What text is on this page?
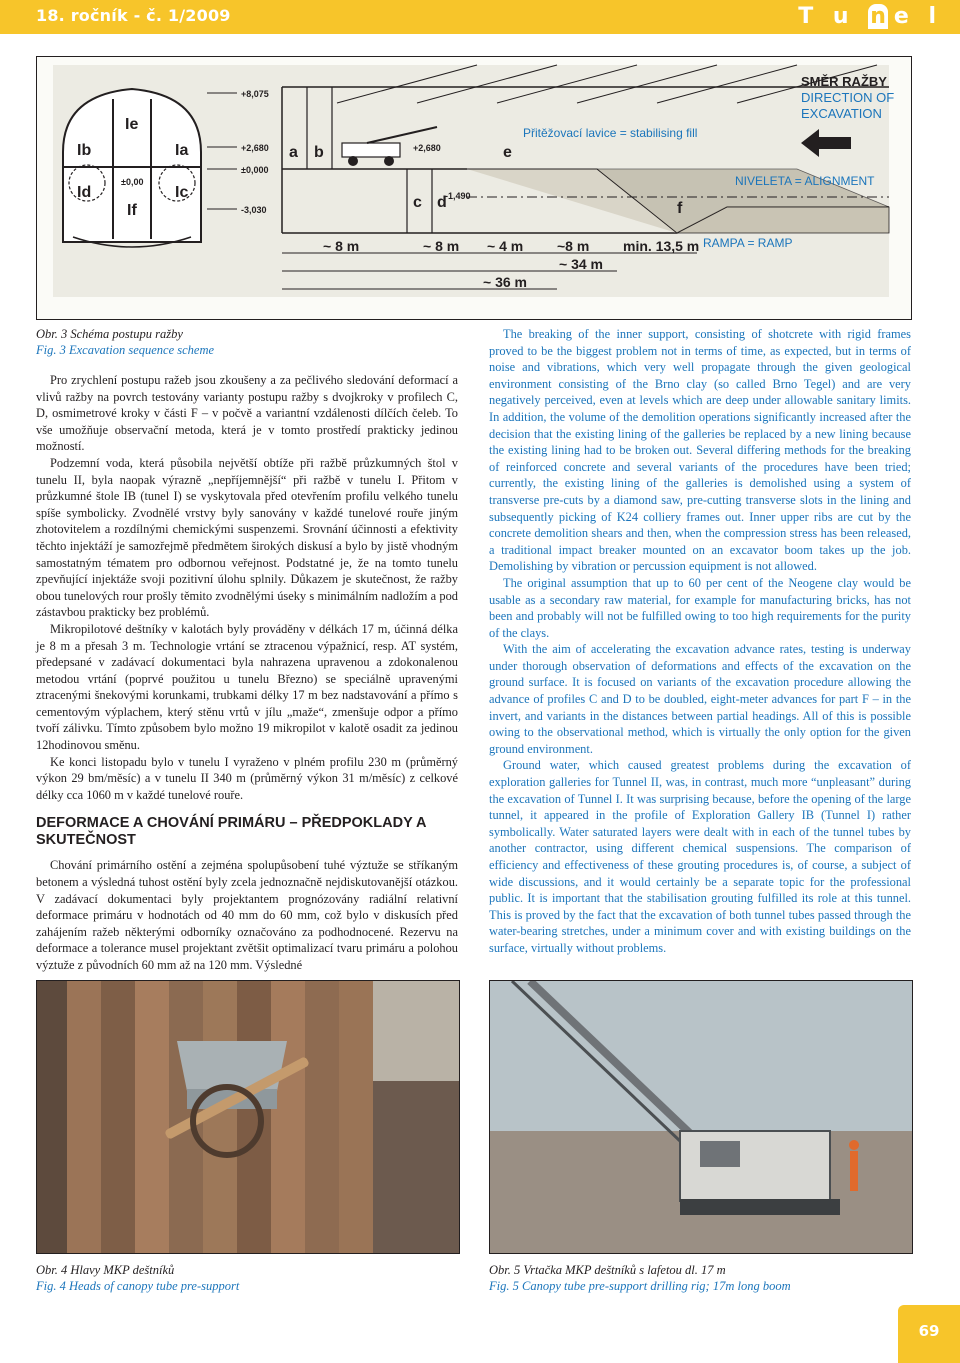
18. ročník - č. 1/2009	T u n e l
SMĚR RAŽBY
DIRECTION OF
EXCAVATION
Přitěžovací lavice = stabilising fill
NIVELETA = ALIGNMENT
RAMPA = RAMP
+8,075
+2,680
±0,000
-3,030
+2,680
-1,490
±0,00
Ib	Ia
Ie
Id	Ic
If
a b	e
c d	f
~ 8 m	~ 8 m ~ 4 m ~8 m min. 13,5 m
~ 34 m
~ 36 m
Obr. 3 Schéma postupu ražby
Fig. 3 Excavation sequence scheme

Pro zrychlení postupu ražeb jsou zkoušeny a za pečlivého sledování deformací a vlivů ražby na povrch testovány varianty postupu ražby s dvojkroky v profilech C, D, osmimetrové kroky v části F – v počvě a variantní vzdálenosti dílčích čeleb. To vše umožňuje observační metoda, která je v tomto prostředí prakticky jedinou možností.

Podzemní voda, která působila největší obtíže při ražbě průzkumných štol v tunelu II, byla naopak výrazně „nepříjemnější“ při ražbě v tunelu I. Přitom v průzkumné štole IB (tunel I) se vyskytovala před otevřením profilu velkého tunelu spíše symbolicky. Zvodnělé vrstvy byly sanovány v každé tunelové rouře jiným zhotovitelem a rozdílnými chemickými suspenzemi. Srovnání účinnosti a efektivity těchto injektáží je samozřejmě předmětem širokých diskusí a bylo by jistě vhodným samostatným tématem pro odbornou veřejnost. Podstatné je, že na tomto tunelu zpevňující injektáže svoji pozitivní úlohu splnily. Důkazem je skutečnost, že ražby obou tunelových rour prošly těmito zvodnělými úseky s minimálním nadložím a pod zástavbou prakticky bez problémů.

Mikropilotové deštníky v kalotách byly prováděny v délkách 17 m, účinná délka je 8 m a přesah 3 m. Technologie vrtání se ztracenou výpažnicí, resp. AT systém, předepsané v zadávací dokumentaci byla nahrazena upravenou a zdokonalenou metodou vrtání (poprvé použitou u tunelu Březno) se speciálně upravenými ztracenými šnekovými korunkami, trubkami délky 17 m bez nadstavování a přímo s cementovým výplachem, který stěnu vrtů v jílu „maže“, zmenšuje odpor a přímo tvoří zálivku. Tímto způsobem bylo možno 19 mikropilot v kalotě osadit za jedinou 12hodinovou směnu.

Ke konci listopadu bylo v tunelu I vyraženo v plném profilu 230 m (průměrný výkon 29 bm/měsíc) a v tunelu II 340 m (průměrný výkon 31 m/měsíc) z celkové délky cca 1060 m v každé tunelové rouře.

DEFORMACE A CHOVÁNÍ PRIMÁRU – PŘEDPOKLADY A SKUTEČNOST

Chování primárního ostění a zejména spolupůsobení tuhé výztuže se stříkaným betonem a výsledná tuhost ostění byly zcela jednoznačně nejdiskutovanější otázkou. V zadávací dokumentaci byly projektantem prognózovány radiální relativní deformace primáru v hodnotách od 40 mm do 60 mm, což bylo v diskusích před zahájením ražeb některými odborníky označováno za podhodnocené. Rezervu na deformace a tolerance musel projektant zvětšit optimalizací tvaru primáru a polohou výztuže z původních 60 mm až na 120 mm. Výsledné

The breaking of the inner support, consisting of shotcrete with rigid frames proved to be the biggest problem not in terms of time, as expected, but in terms of noise and vibrations, which very well propagate through the given geological environment consisting of the Brno clay (so called Brno Tegel) and are very negatively perceived, even at levels which are deep under allowable sanitary limits. In addition, the volume of the demolition operations significantly increased after the decision that the existing lining of the galleries be replaced by a new lining because the existing lining had to be broken out. Several differing methods for the breaking of reinforced concrete and several variants of the procedures have been tried; currently, the existing lining of the galleries is demolished using a system of transverse pre-cuts by a diamond saw, pre-cutting transverse slots in the lining and subsequently picking of K24 colliery frames out. Inner upper ribs are cut by the concrete demolition shears and then, when the compression stress has been released, a traditional impact breaker mounted on an excavator boom takes up the job. Demolishing by vibration or percussion equipment is not allowed.

The original assumption that up to 60 per cent of the Neogene clay would be usable as a secondary raw material, for example for manufacturing bricks, has not been and probably will not be fulfilled owing to too high requirements for the purity of the clays.

With the aim of accelerating the excavation advance rates, testing is underway under thorough observation of deformations and effects of the excavation on the ground surface. It is focused on variants of the excavation procedure allowing the advance of profiles C and D to be doubled, eight-meter advances for part F – in the invert, and variants in the distances between partial headings. All of this is possible owing to the observational method, which is virtually the only option for the given ground environment.

Ground water, which caused greatest problems during the excavation of exploration galleries for Tunnel II, was, in contrast, much more “unpleasant” during the excavation of Tunnel I. It was surprising because, before the opening of the large tunnel, it appeared in the profile of Exploration Gallery IB (Tunnel I) rather symbolically. Water saturated layers were dealt with in each of the tunnel tubes by another contractor, using different chemical suspensions. The comparison of efficiency and effectiveness of these grouting procedures is, of course, a subject of wide discussions, and it would certainly be a separate topic for the professional public. It is important that the stabilisation grouting fulfilled its role at this tunnel. This is proved by the fact that the excavation of both tunnel tubes passed through the water-bearing stretches, under a minimum cover and with existing buildings on the surface, virtually without problems.

Obr. 4 Hlavy MKP deštníků
Fig. 4 Heads of canopy tube pre-support
Obr. 5 Vrtačka MKP deštníků s lafetou dl. 17 m
Fig. 5 Canopy tube pre-support drilling rig; 17m long boom
69
